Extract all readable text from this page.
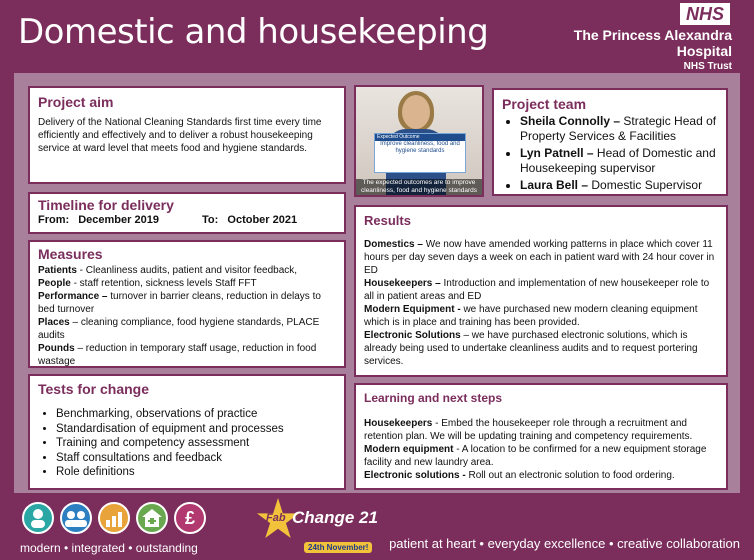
Domestic and housekeeping	NHS
The Princess Alexandra
Hospital
NHS Trust
Project aim
Delivery of the National Cleaning Standards first time every time efficiently and effectively and to deliver a robust housekeeping service at ward level that meets food and hygiene standards.
Expected Outcome
Improve cleanliness, food and hygiene standards
The expected outcomes are to improve cleanliness, food and hygiene standards
Project team
• Sheila Connolly – Strategic Head of Property Services & Facilities
• Lyn Patnell – Head of Domestic and Housekeeping supervisor
• Laura Bell – Domestic Supervisor
Timeline for delivery
From: December 2019	To: October 2021
Measures
Patients - Cleanliness audits, patient and visitor feedback,
People - staff retention, sickness levels Staff FFT
Performance – turnover in barrier cleans, reduction in delays to bed turnover
Places – cleaning compliance, food hygiene standards, PLACE audits
Pounds – reduction in temporary staff usage, reduction in food wastage
Tests for change
• Benchmarking, observations of practice
• Standardisation of equipment and processes
• Training and competency assessment
• Staff consultations and feedback
• Role definitions
Results
Domestics – We now have amended working patterns in place which cover 11 hours per day seven days a week on each in patient ward with 24 hour cover in ED
Housekeepers – Introduction and implementation of new housekeeper role to all in patient areas and ED
Modern Equipment - we have purchased new modern cleaning equipment which is in place and training has been provided.
Electronic Solutions – we have purchased electronic solutions, which is already being used to undertake cleanliness audits and to request portering services.
Learning and next steps
Housekeepers - Embed the housekeeper role through a recruitment and retention plan. We will be updating training and competency requirements.
Modern equipment - A location to be confirmed for a new equipment storage facility and new laundry area.
Electronic solutions - Roll out an electronic solution to food ordering.
£
modern • integrated • outstanding
Fab Change 21
24th November!	patient at heart • everyday excellence • creative collaboration
